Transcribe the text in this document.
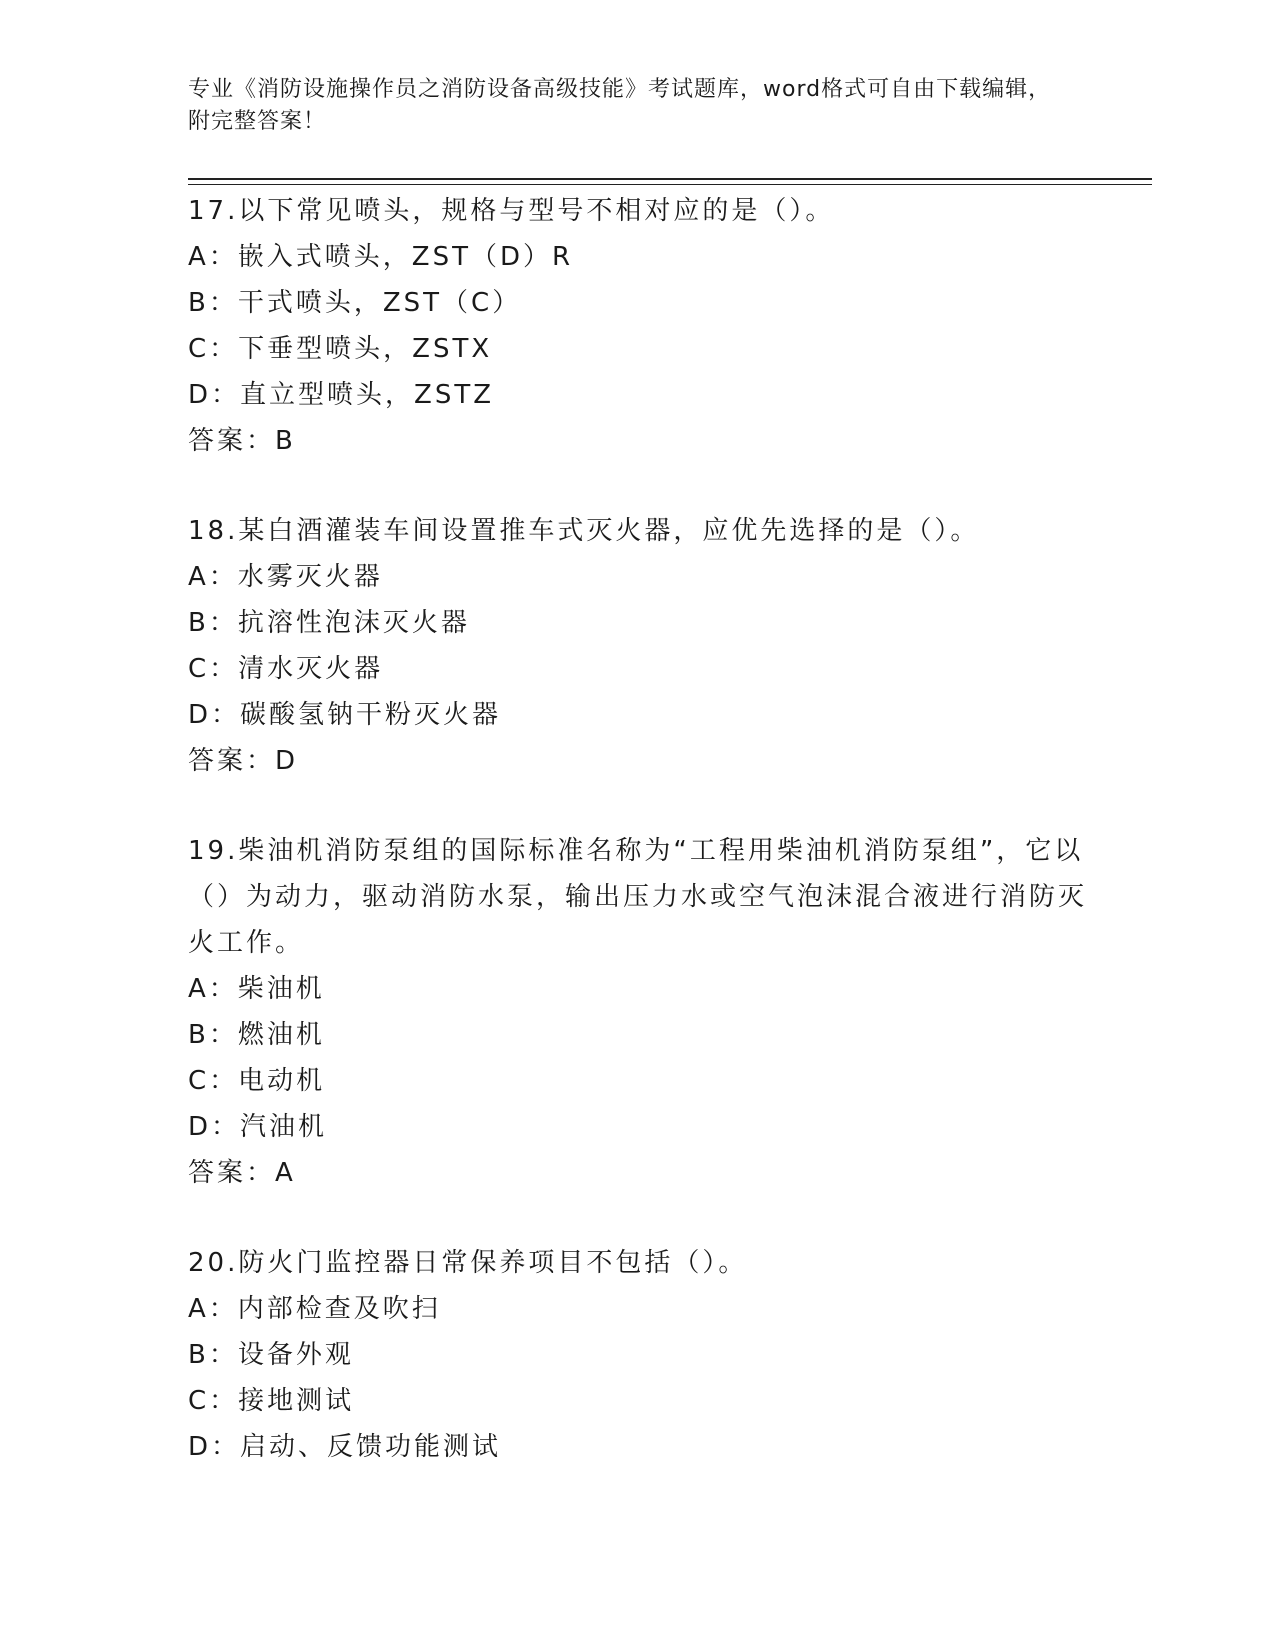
专业《消防设施操作员之消防设备高级技能》考试题库，word格式可自由下载编辑，附完整答案！
17.以下常见喷头，规格与型号不相对应的是（）。
A：嵌入式喷头，ZST（D）R
B：干式喷头，ZST（C）
C：下垂型喷头，ZSTX
D：直立型喷头，ZSTZ
答案：B
18.某白酒灌装车间设置推车式灭火器，应优先选择的是（）。
A：水雾灭火器
B：抗溶性泡沫灭火器
C：清水灭火器
D：碳酸氢钠干粉灭火器
答案：D
19.柴油机消防泵组的国际标准名称为“工程用柴油机消防泵组”，它以（）为动力，驱动消防水泵，输出压力水或空气泡沫混合液进行消防灭火工作。
A：柴油机
B：燃油机
C：电动机
D：汽油机
答案：A
20.防火门监控器日常保养项目不包括（）。
A：内部检查及吹扫
B：设备外观
C：接地测试
D：启动、反馈功能测试
